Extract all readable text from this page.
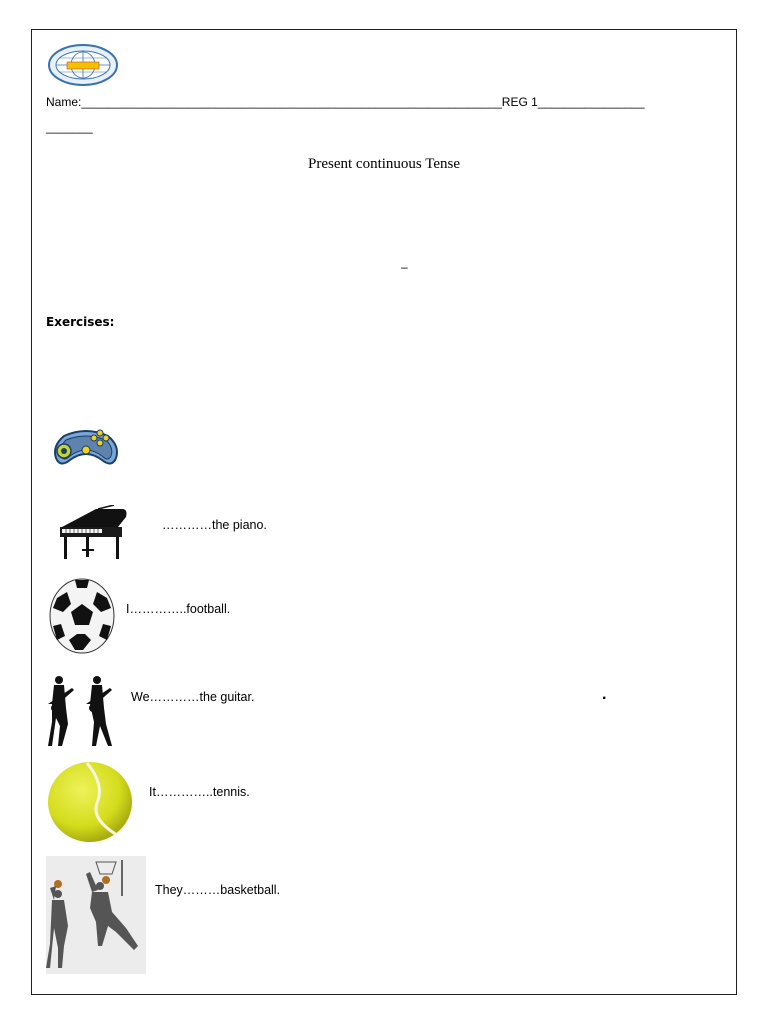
Name:_______________________________________________________________REG 1________________
_______
Present continuous Tense
–
Exercises:
…………the piano.
I…………..football.
We…………the guitar.	.
It…………..tennis.
They………basketball.
